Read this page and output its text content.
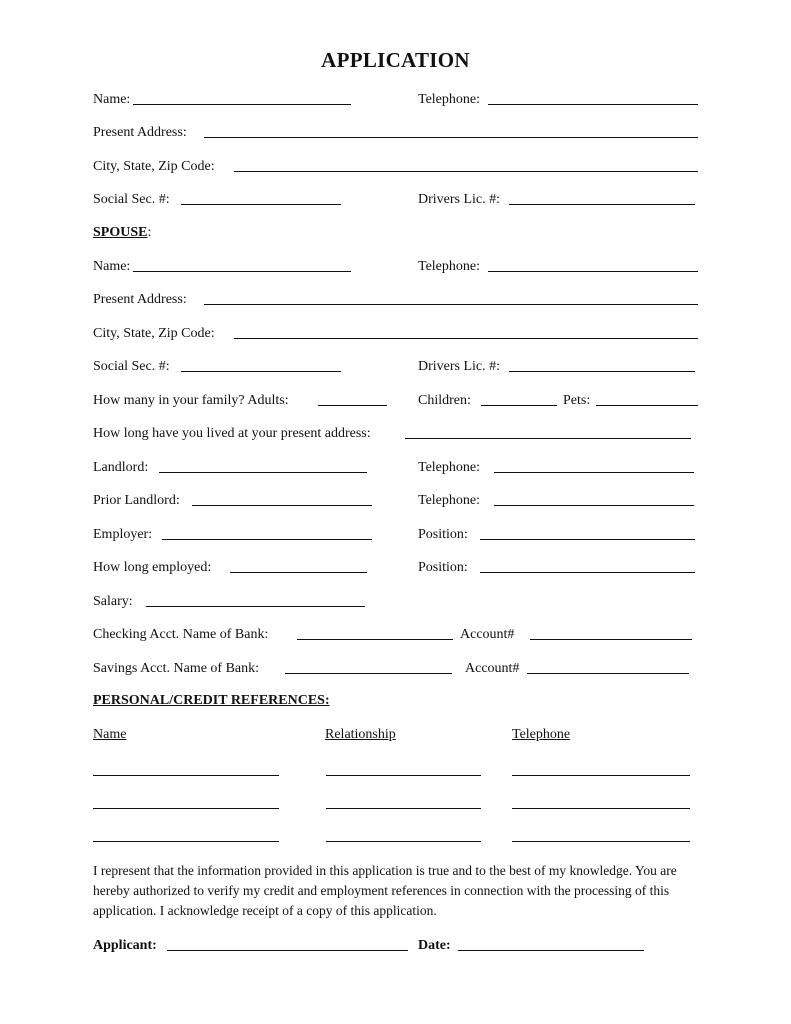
APPLICATION
Name:	Telephone:
Present Address:
City, State, Zip Code:
Social Sec. #:	Drivers Lic. #:
SPOUSE:
Name:	Telephone:
Present Address:
City, State, Zip Code:
Social Sec. #:	Drivers Lic. #:
How many in your family? Adults:	Children:	Pets:
How long have you lived at your present address:
Landlord:	Telephone:
Prior Landlord:	Telephone:
Employer:	Position:
How long employed:	Position:
Salary:
Checking Acct. Name of Bank:	Account#
Savings Acct. Name of Bank:	Account#
PERSONAL/CREDIT REFERENCES:
Name	Relationship	Telephone
I represent that the information provided in this application is true and to the best of my knowledge. You are hereby authorized to verify my credit and employment references in connection with the processing of this application. I acknowledge receipt of a copy of this application.
Applicant:	Date:
